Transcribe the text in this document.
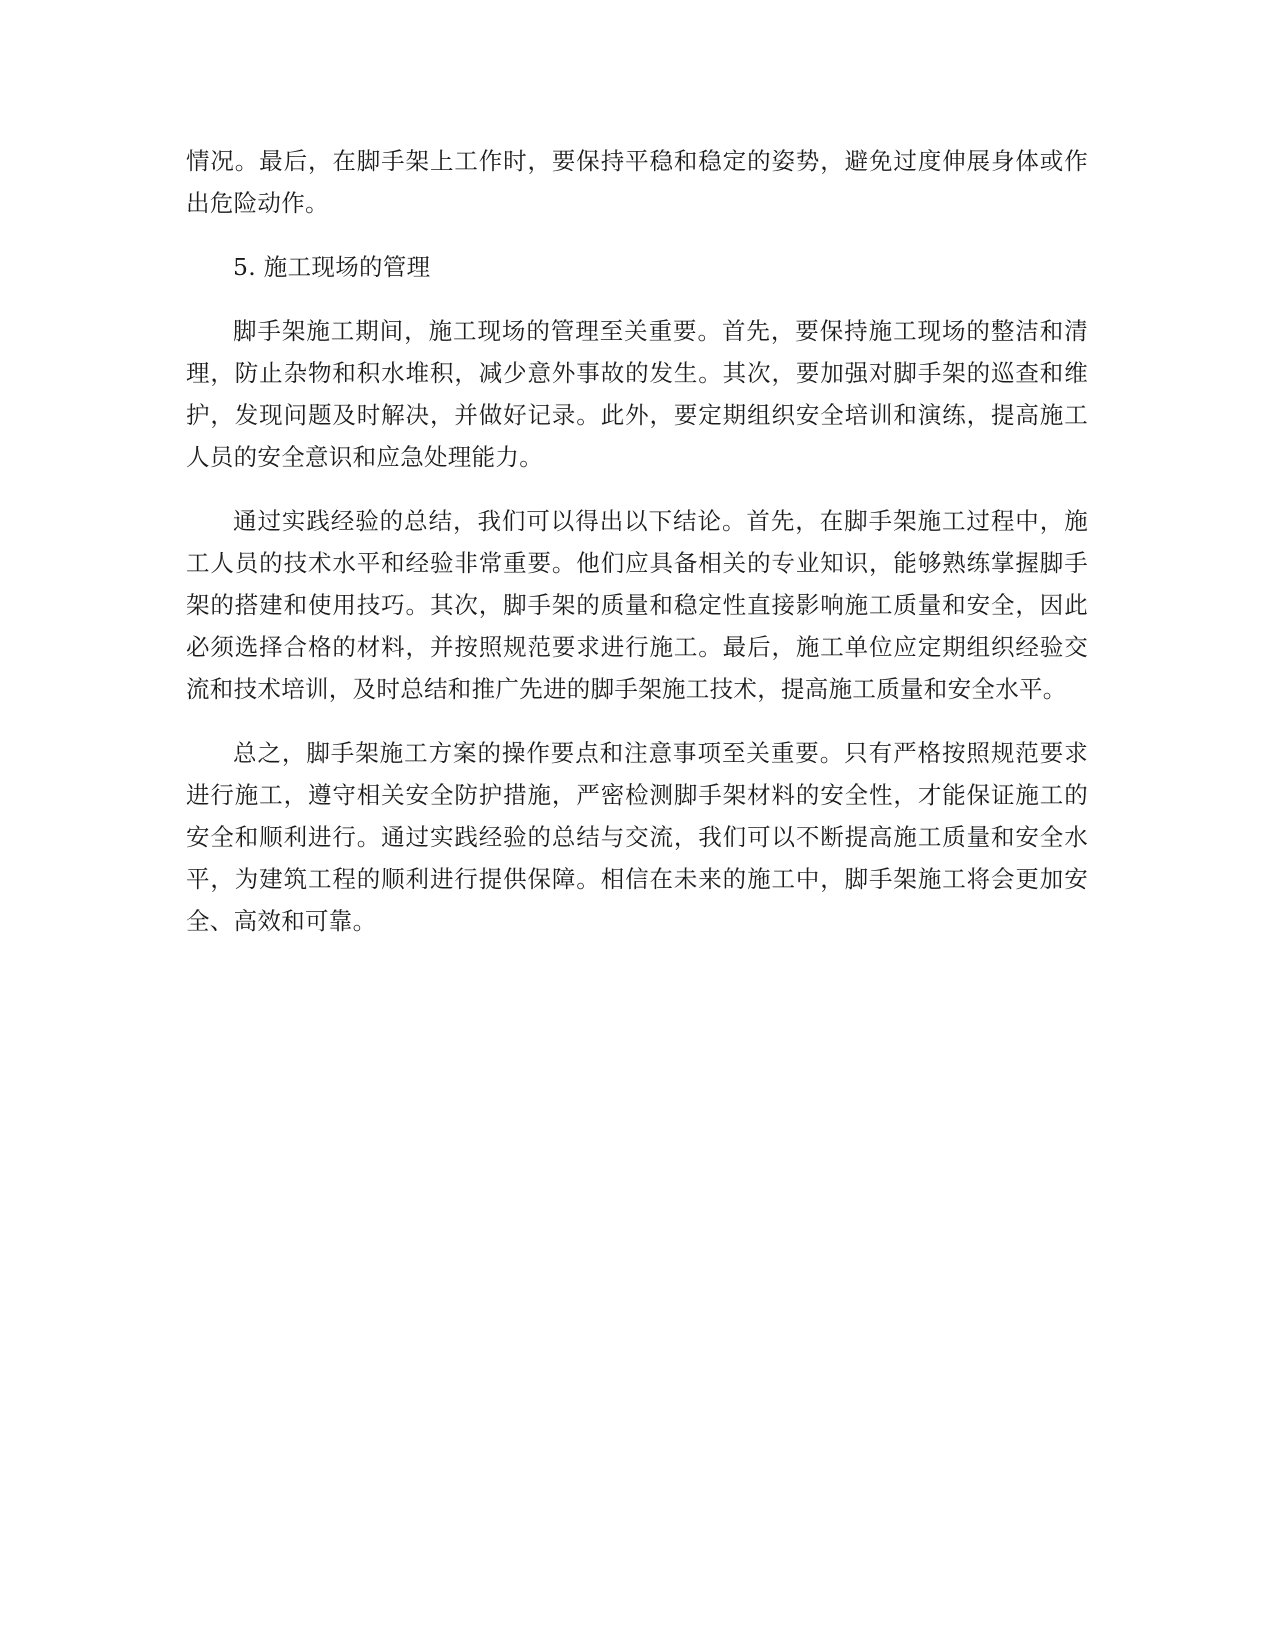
情况。最后，在脚手架上工作时，要保持平稳和稳定的姿势，避免过度伸展身体或作出危险动作。

5. 施工现场的管理

脚手架施工期间，施工现场的管理至关重要。首先，要保持施工现场的整洁和清理，防止杂物和积水堆积，减少意外事故的发生。其次，要加强对脚手架的巡查和维护，发现问题及时解决，并做好记录。此外，要定期组织安全培训和演练，提高施工人员的安全意识和应急处理能力。

通过实践经验的总结，我们可以得出以下结论。首先，在脚手架施工过程中，施工人员的技术水平和经验非常重要。他们应具备相关的专业知识，能够熟练掌握脚手架的搭建和使用技巧。其次，脚手架的质量和稳定性直接影响施工质量和安全，因此必须选择合格的材料，并按照规范要求进行施工。最后，施工单位应定期组织经验交流和技术培训，及时总结和推广先进的脚手架施工技术，提高施工质量和安全水平。

总之，脚手架施工方案的操作要点和注意事项至关重要。只有严格按照规范要求进行施工，遵守相关安全防护措施，严密检测脚手架材料的安全性，才能保证施工的安全和顺利进行。通过实践经验的总结与交流，我们可以不断提高施工质量和安全水平，为建筑工程的顺利进行提供保障。相信在未来的施工中，脚手架施工将会更加安全、高效和可靠。
